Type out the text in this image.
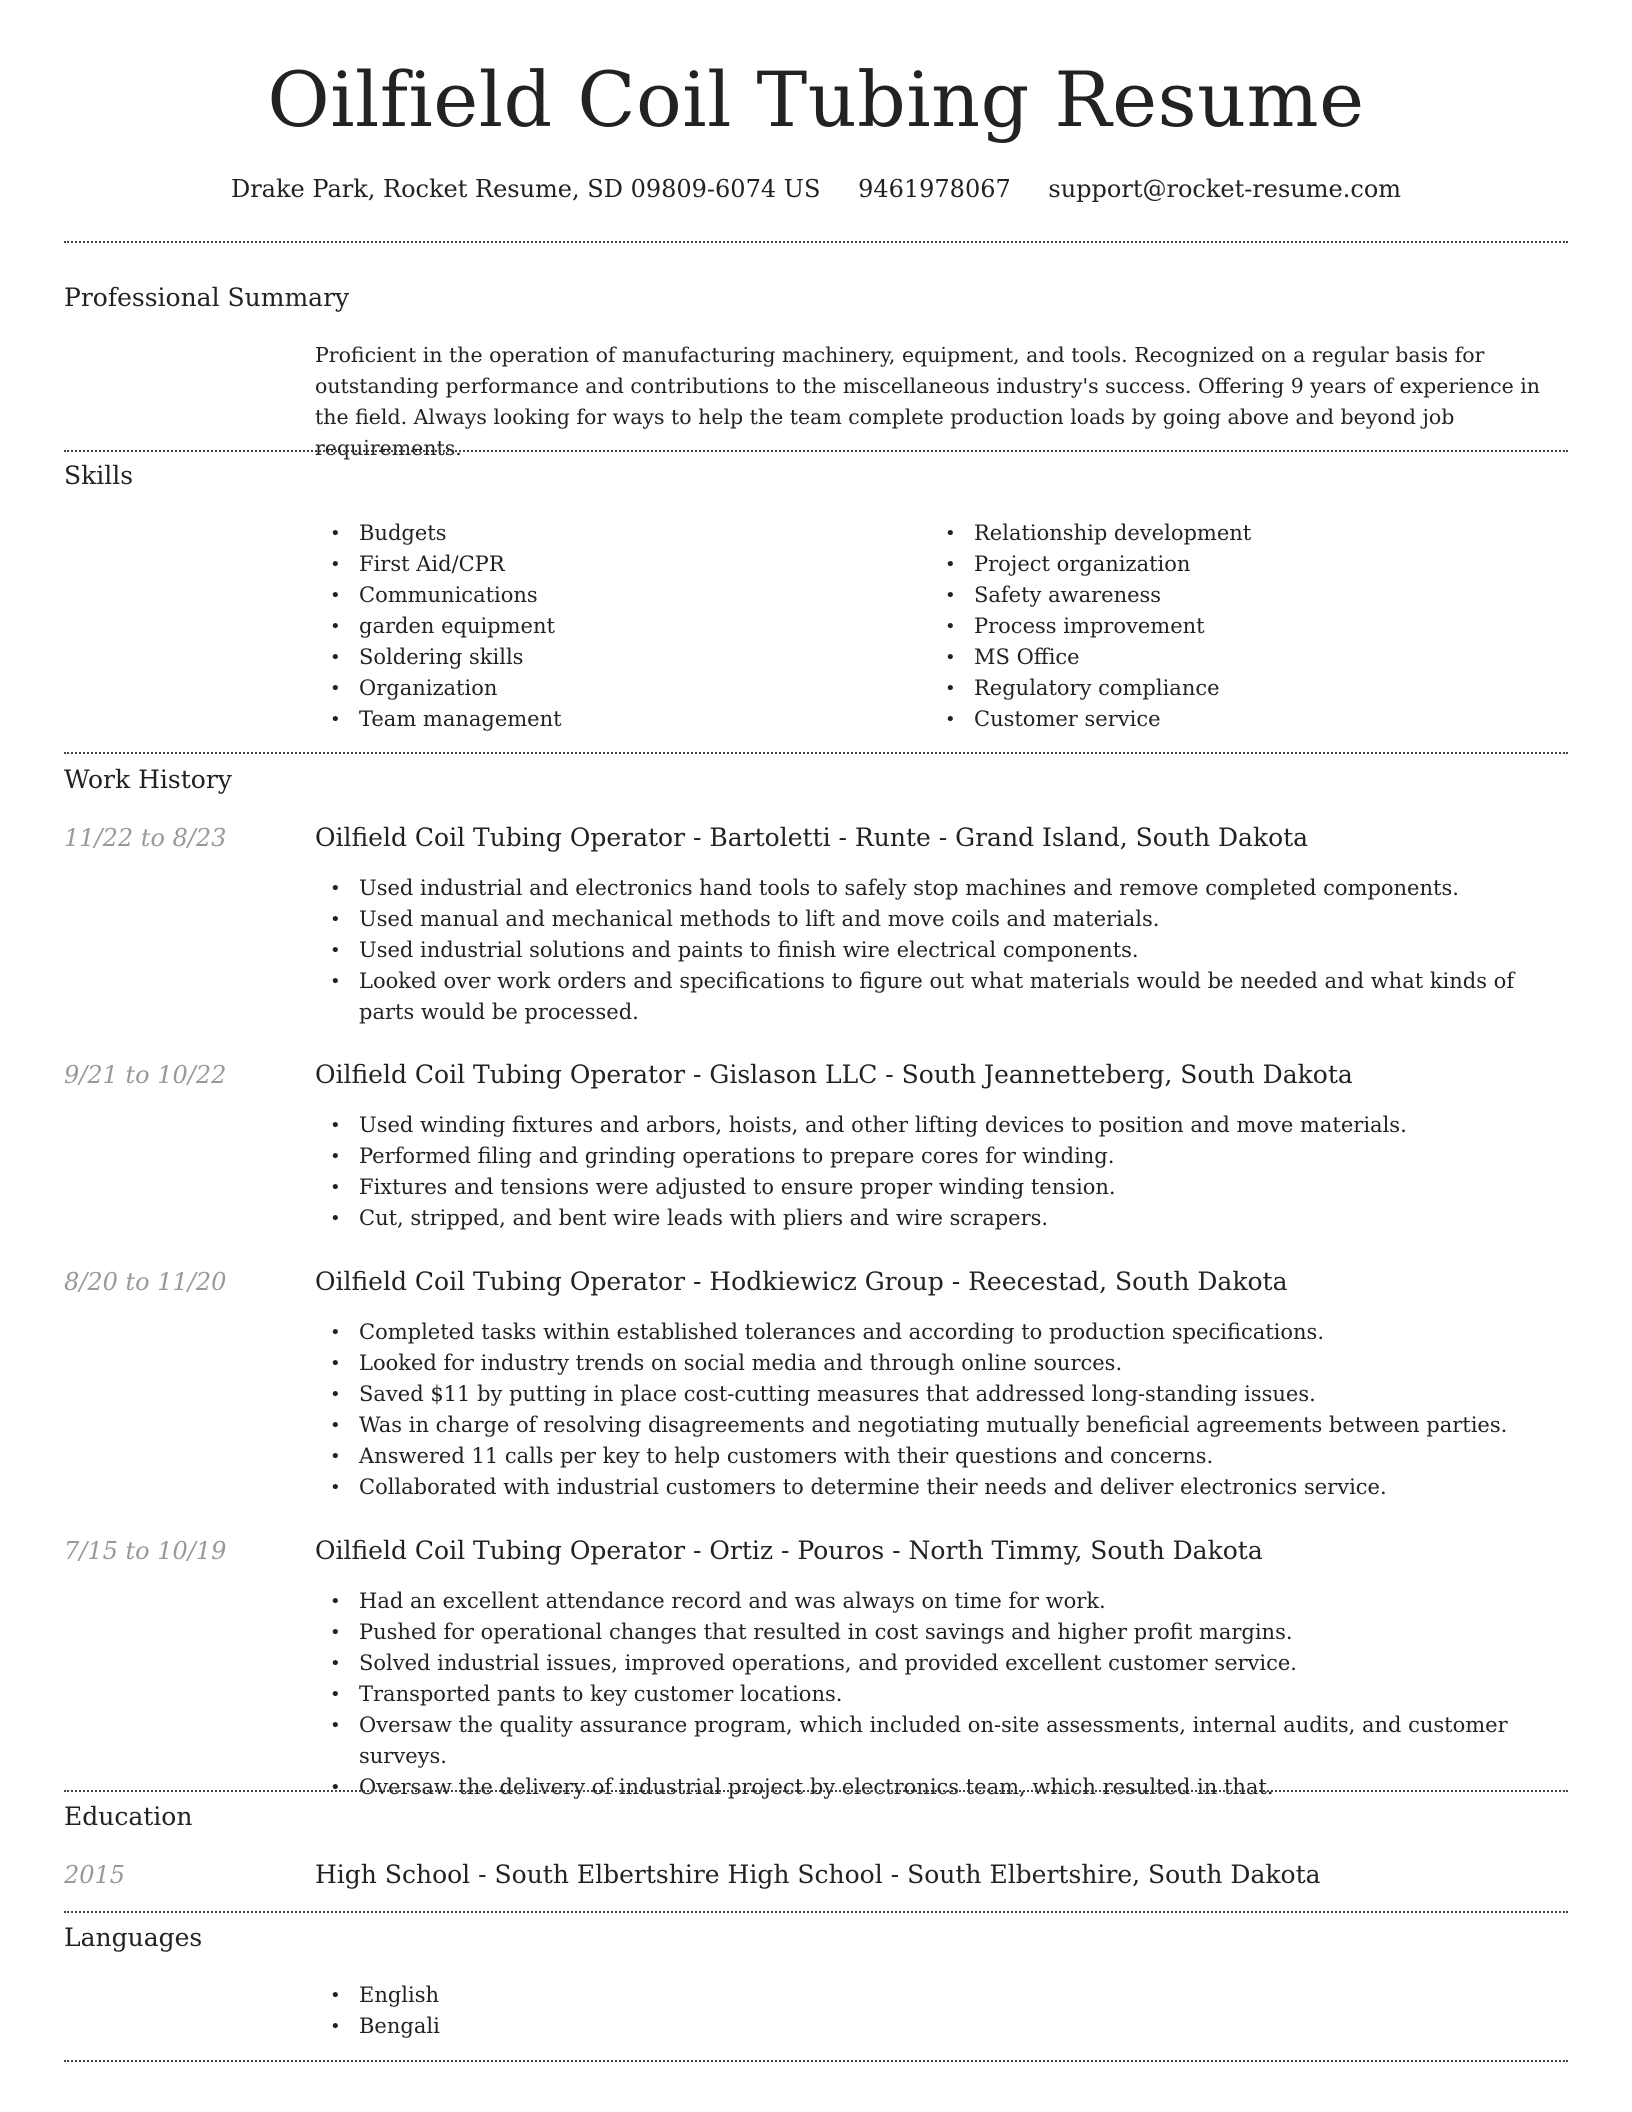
Oilfield Coil Tubing Resume
Drake Park, Rocket Resume, SD 09809-6074 US 9461978067 support@rocket-resume.com
Professional Summary
Proficient in the operation of manufacturing machinery, equipment, and tools. Recognized on a regular basis for outstanding performance and contributions to the miscellaneous industry's success. Offering 9 years of experience in the field. Always looking for ways to help the team complete production loads by going above and beyond job requirements.
Skills
• Budgets
• First Aid/CPR
• Communications
• garden equipment
• Soldering skills
• Organization
• Team management
• Relationship development
• Project organization
• Safety awareness
• Process improvement
• MS Office
• Regulatory compliance
• Customer service
Work History
11/22 to 8/23	Oilfield Coil Tubing Operator - Bartoletti - Runte - Grand Island, South Dakota
• Used industrial and electronics hand tools to safely stop machines and remove completed components.
• Used manual and mechanical methods to lift and move coils and materials.
• Used industrial solutions and paints to finish wire electrical components.
• Looked over work orders and specifications to figure out what materials would be needed and what kinds of parts would be processed.
9/21 to 10/22	Oilfield Coil Tubing Operator - Gislason LLC - South Jeannetteberg, South Dakota
• Used winding fixtures and arbors, hoists, and other lifting devices to position and move materials.
• Performed filing and grinding operations to prepare cores for winding.
• Fixtures and tensions were adjusted to ensure proper winding tension.
• Cut, stripped, and bent wire leads with pliers and wire scrapers.
8/20 to 11/20	Oilfield Coil Tubing Operator - Hodkiewicz Group - Reecestad, South Dakota
• Completed tasks within established tolerances and according to production specifications.
• Looked for industry trends on social media and through online sources.
• Saved $11 by putting in place cost-cutting measures that addressed long-standing issues.
• Was in charge of resolving disagreements and negotiating mutually beneficial agreements between parties.
• Answered 11 calls per key to help customers with their questions and concerns.
• Collaborated with industrial customers to determine their needs and deliver electronics service.
7/15 to 10/19	Oilfield Coil Tubing Operator - Ortiz - Pouros - North Timmy, South Dakota
• Had an excellent attendance record and was always on time for work.
• Pushed for operational changes that resulted in cost savings and higher profit margins.
• Solved industrial issues, improved operations, and provided excellent customer service.
• Transported pants to key customer locations.
• Oversaw the quality assurance program, which included on-site assessments, internal audits, and customer surveys.
• Oversaw the delivery of industrial project by electronics team, which resulted in that.
Education
2015	High School - South Elbertshire High School - South Elbertshire, South Dakota
Languages
• English
• Bengali
